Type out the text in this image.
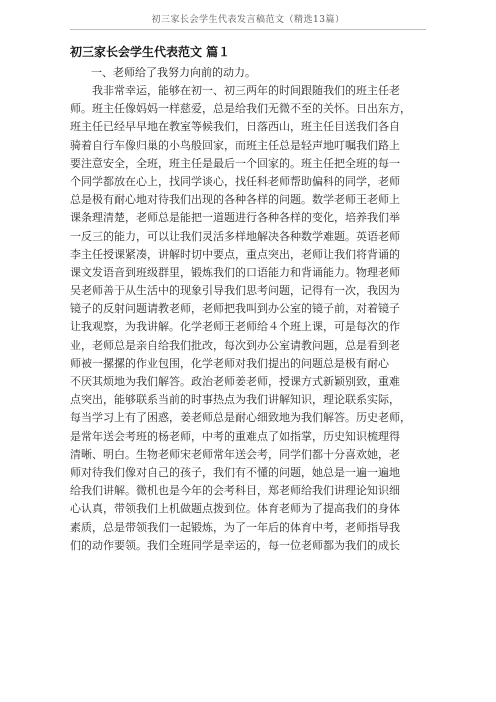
初三家长会学生代表发言稿范文（精选13篇）
初三家长会学生代表范文 篇１
一、老师给了我努力向前的动力。
　　我非常幸运，能够在初一、初三两年的时间跟随我们的班主任老
师。班主任像妈妈一样慈爱，总是给我们无微不至的关怀。日出东方，
班主任已经早早地在教室等候我们，日落西山，班主任目送我们各自
骑着自行车像归巢的小鸟般回家，而班主任总是轻声地叮嘱我们路上
要注意安全，全班，班主任是最后一个回家的。班主任把全班的每一
个同学都放在心上，找同学谈心，找任科老师帮助偏科的同学，老师
总是极有耐心地对待我们出现的各种各样的问题。数学老师王老师上
课条理清楚，老师总是能把一道题进行各种各样的变化，培养我们举
一反三的能力，可以让我们灵活多样地解决各种数学难题。英语老师
李主任授课紧凑，讲解时切中要点，重点突出，老师让我们将背诵的
课文发语音到班级群里，锻炼我们的口语能力和背诵能力。物理老师
吴老师善于从生活中的现象引导我们思考问题，记得有一次，我因为
镜子的反射问题请教老师，老师把我叫到办公室的镜子前，对着镜子
让我观察，为我讲解。化学老师王老师给４个班上课，可是每次的作
业，老师总是亲自给我们批改，每次到办公室请教问题，总是看到老
师被一摞摞的作业包围，化学老师对我们提出的问题总是极有耐心
不厌其烦地为我们解答。政治老师姜老师，授课方式新颖别致，重难
点突出，能够联系当前的时事热点为我们讲解知识，理论联系实际，
每当学习上有了困惑，姜老师总是耐心细致地为我们解答。历史老师，
是常年送会考班的杨老师，中考的重难点了如指掌，历史知识梳理得
清晰、明白。生物老师宋老师常年送会考，同学们都十分喜欢她，老
师对待我们像对自己的孩子，我们有不懂的问题，她总是一遍一遍地
给我们讲解。微机也是今年的会考科目，郑老师给我们讲理论知识细
心认真，带领我们上机做题点拨到位。体育老师为了提高我们的身体
素质，总是带领我们一起锻炼，为了一年后的体育中考，老师指导我
们的动作要领。我们全班同学是幸运的，每一位老师都为我们的成长
